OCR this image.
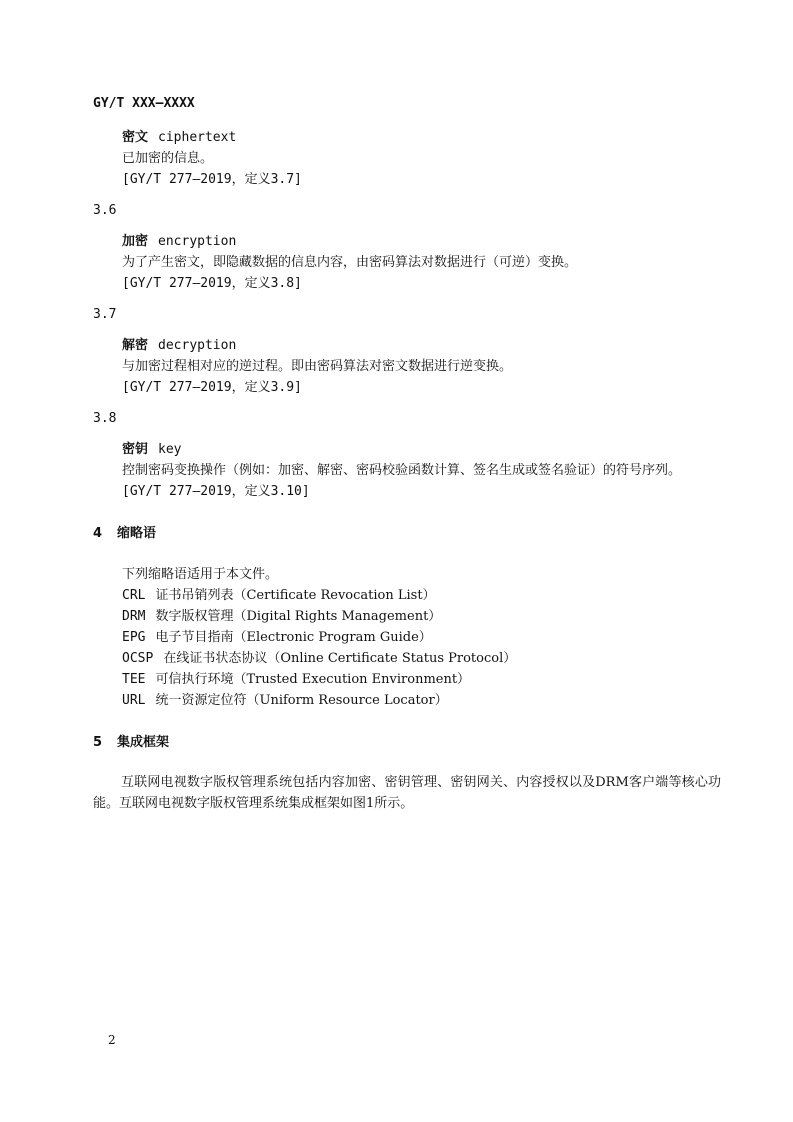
GY/T XXX—XXXX
密文 ciphertext
已加密的信息。
[GY/T 277—2019，定义3.7]
3.6
加密 encryption
为了产生密文，即隐藏数据的信息内容，由密码算法对数据进行（可逆）变换。
[GY/T 277—2019，定义3.8]
3.7
解密 decryption
与加密过程相对应的逆过程。即由密码算法对密文数据进行逆变换。
[GY/T 277—2019，定义3.9]
3.8
密钥 key
控制密码变换操作（例如：加密、解密、密码校验函数计算、签名生成或签名验证）的符号序列。
[GY/T 277—2019，定义3.10]
4 缩略语
下列缩略语适用于本文件。
CRL 证书吊销列表（Certificate Revocation List）
DRM 数字版权管理（Digital Rights Management）
EPG 电子节目指南（Electronic Program Guide）
OCSP 在线证书状态协议（Online Certificate Status Protocol）
TEE 可信执行环境（Trusted Execution Environment）
URL 统一资源定位符（Uniform Resource Locator）
5 集成框架
互联网电视数字版权管理系统包括内容加密、密钥管理、密钥网关、内容授权以及DRM客户端等核心功能。互联网电视数字版权管理系统集成框架如图1所示。
2
